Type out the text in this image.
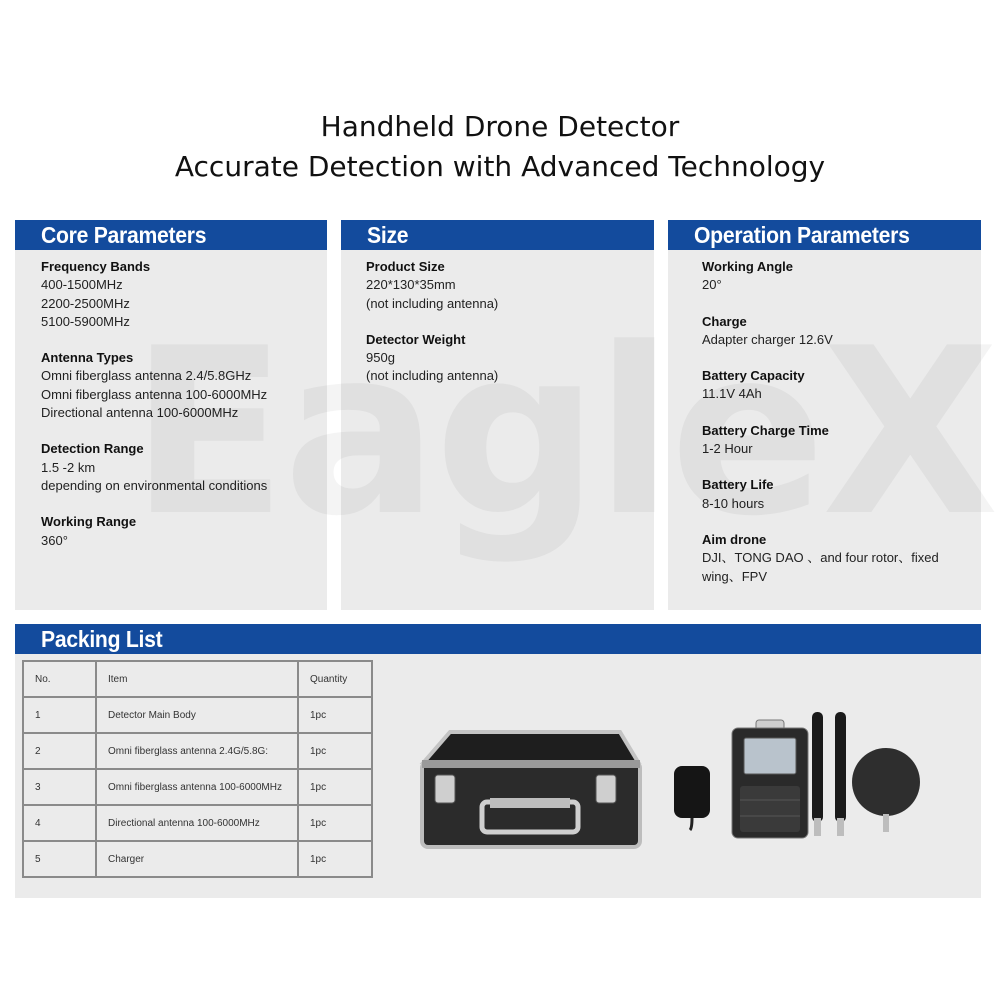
Handheld Drone Detector
Accurate Detection with Advanced Technology
Core Parameters
Frequency Bands
400-1500MHz
2200-2500MHz
5100-5900MHz
Antenna Types
Omni fiberglass antenna 2.4/5.8GHz
Omni fiberglass antenna 100-6000MHz
Directional antenna 100-6000MHz
Detection Range
1.5 -2 km
depending on environmental conditions
Working Range
360°
Size
Product Size
220*130*35mm
(not including antenna)
Detector Weight
950g
(not including antenna)
Operation Parameters
Working Angle
20°
Charge
Adapter charger 12.6V
Battery Capacity
11.1V 4Ah
Battery Charge Time
1-2 Hour
Battery Life
8-10 hours
Aim drone
DJI、TONG DAO 、and four rotor、fixed
wing、FPV
Packing List
No.	Item	Quantity
1	Detector Main Body	1pc
2	Omni fiberglass antenna 2.4G/5.8G:	1pc
3	Omni fiberglass antenna 100-6000MHz	1pc
4	Directional antenna 100-6000MHz	1pc
5	Charger	1pc
